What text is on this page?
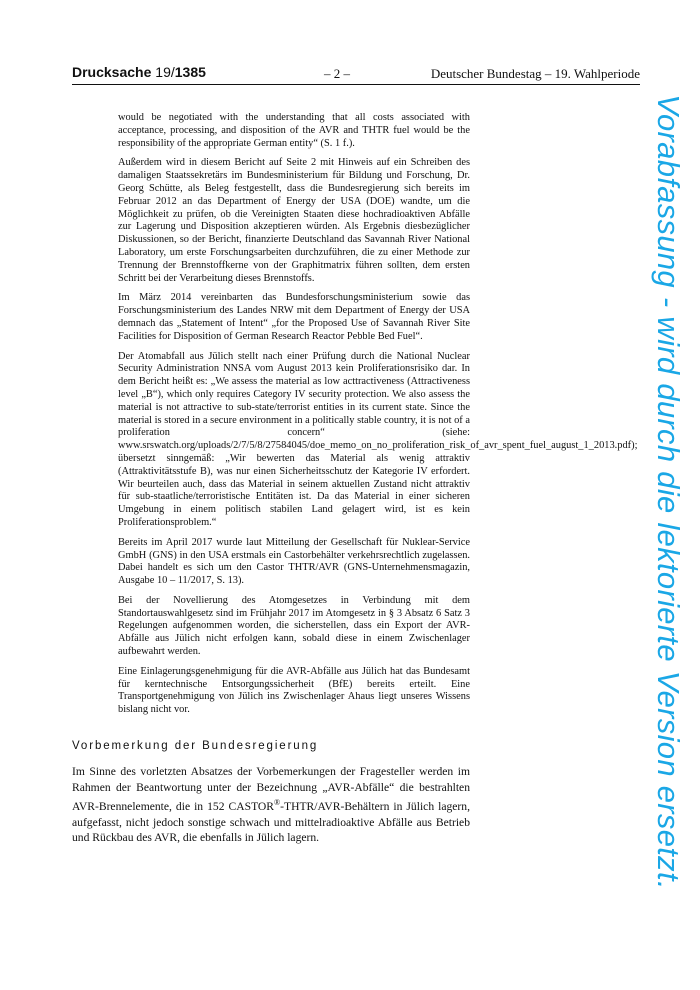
Drucksache 19/1385	– 2 –	Deutscher Bundestag – 19. Wahlperiode

would be negotiated with the understanding that all costs associated with acceptance, processing, and disposition of the AVR and THTR fuel would be the responsibility of the appropriate German entity“ (S. 1 f.).

Außerdem wird in diesem Bericht auf Seite 2 mit Hinweis auf ein Schreiben des damaligen Staatssekretärs im Bundesministerium für Bildung und Forschung, Dr. Georg Schütte, als Beleg festgestellt, dass die Bundesregierung sich bereits im Februar 2012 an das Department of Energy der USA (DOE) wandte, um die Möglichkeit zu prüfen, ob die Vereinigten Staaten diese hochradioaktiven Abfälle zur Lagerung und Disposition akzeptieren würden. Als Ergebnis diesbezüglicher Diskussionen, so der Bericht, finanzierte Deutschland das Savannah River National Laboratory, um erste Forschungsarbeiten durchzuführen, die zu einer Methode zur Trennung der Brennstoffkerne von der Graphitmatrix führen sollten, dem ersten Schritt bei der Verarbeitung dieses Brennstoffs.

Im März 2014 vereinbarten das Bundesforschungsministerium sowie das Forschungsministerium des Landes NRW mit dem Department of Energy der USA demnach das „Statement of Intent“ „for the Proposed Use of Savannah River Site Facilities for Disposition of German Research Reactor Pebble Bed Fuel“.

Der Atomabfall aus Jülich stellt nach einer Prüfung durch die National Nuclear Security Administration NNSA vom August 2013 kein Proliferationsrisiko dar. In dem Bericht heißt es: „We assess the material as low acttractiveness (Attractiveness level „B“), which only requires Category IV security protection. We also assess the material is not attractive to sub-state/terrorist entities in its current state. Since the material is stored in a secure environment in a politically stable country, it is not of a proliferation concern“ (siehe: www.srswatch.org/uploads/2/7/5/8/27584045/doe_memo_on_no_proliferation_risk_of_avr_spent_fuel_august_1_2013.pdf); übersetzt sinngemäß: „Wir bewerten das Material als wenig attraktiv (Attraktivitätsstufe B), was nur einen Sicherheitsschutz der Kategorie IV erfordert. Wir beurteilen auch, dass das Material in seinem aktuellen Zustand nicht attraktiv für sub-staatliche/terroristische Entitäten ist. Da das Material in einer sicheren Umgebung in einem politisch stabilen Land gelagert wird, ist es kein Proliferationsproblem.“

Bereits im April 2017 wurde laut Mitteilung der Gesellschaft für Nuklear-Service GmbH (GNS) in den USA erstmals ein Castorbehälter verkehrsrechtlich zugelassen. Dabei handelt es sich um den Castor THTR/AVR (GNS-Unternehmensmagazin, Ausgabe 10 – 11/2017, S. 13).

Bei der Novellierung des Atomgesetzes in Verbindung mit dem Standortauswahlgesetz sind im Frühjahr 2017 im Atomgesetz in § 3 Absatz 6 Satz 3 Regelungen aufgenommen worden, die sicherstellen, dass ein Export der AVR-Abfälle aus Jülich nicht erfolgen kann, sobald diese in einem Zwischenlager aufbewahrt werden.

Eine Einlagerungsgenehmigung für die AVR-Abfälle aus Jülich hat das Bundesamt für kerntechnische Entsorgungssicherheit (BfE) bereits erteilt. Eine Transportgenehmigung von Jülich ins Zwischenlager Ahaus liegt unseres Wissens bislang nicht vor.

Vorbemerkung der Bundesregierung

Im Sinne des vorletzten Absatzes der Vorbemerkungen der Fragesteller werden im Rahmen der Beantwortung unter der Bezeichnung „AVR-Abfälle“ die bestrahlten AVR-Brennelemente, die in 152 CASTOR®-THTR/AVR-Behältern in Jülich lagern, aufgefasst, nicht jedoch sonstige schwach und mittelradioaktive Abfälle aus Betrieb und Rückbau des AVR, die ebenfalls in Jülich lagern.	Vorabfassung - wird durch die lektorierte Version ersetzt.
